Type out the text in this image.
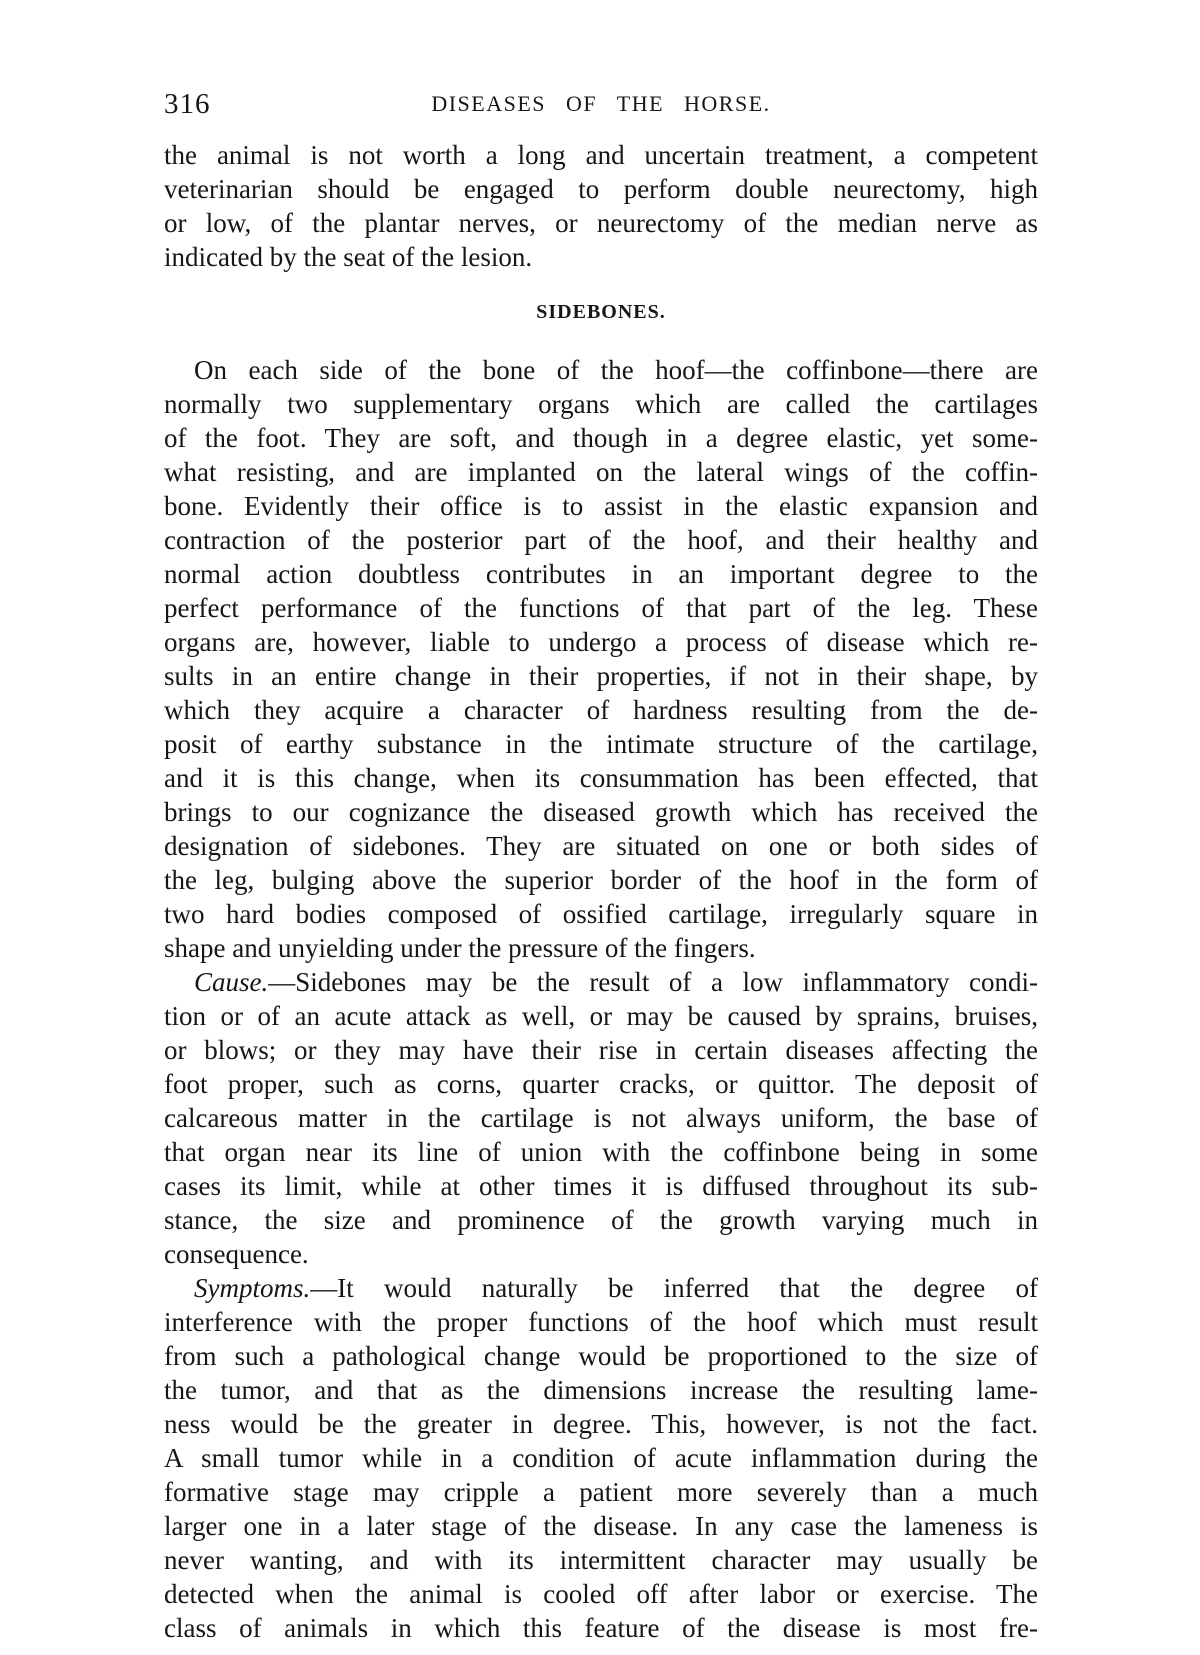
316	DISEASES OF THE HORSE.
the animal is not worth a long and uncertain treatment, a competent
veterinarian should be engaged to perform double neurectomy, high
or low, of the plantar nerves, or neurectomy of the median nerve as
indicated by the seat of the lesion.
SIDEBONES.
On each side of the bone of the hoof—the coffinbone—there are
normally two supplementary organs which are called the cartilages
of the foot. They are soft, and though in a degree elastic, yet some-
what resisting, and are implanted on the lateral wings of the coffin-
bone. Evidently their office is to assist in the elastic expansion and
contraction of the posterior part of the hoof, and their healthy and
normal action doubtless contributes in an important degree to the
perfect performance of the functions of that part of the leg. These
organs are, however, liable to undergo a process of disease which re-
sults in an entire change in their properties, if not in their shape, by
which they acquire a character of hardness resulting from the de-
posit of earthy substance in the intimate structure of the cartilage,
and it is this change, when its consummation has been effected, that
brings to our cognizance the diseased growth which has received the
designation of sidebones. They are situated on one or both sides of
the leg, bulging above the superior border of the hoof in the form of
two hard bodies composed of ossified cartilage, irregularly square in
shape and unyielding under the pressure of the fingers.
Cause.—Sidebones may be the result of a low inflammatory condi-
tion or of an acute attack as well, or may be caused by sprains, bruises,
or blows; or they may have their rise in certain diseases affecting the
foot proper, such as corns, quarter cracks, or quittor. The deposit of
calcareous matter in the cartilage is not always uniform, the base of
that organ near its line of union with the coffinbone being in some
cases its limit, while at other times it is diffused throughout its sub-
stance, the size and prominence of the growth varying much in
consequence.
Symptoms.—It would naturally be inferred that the degree of
interference with the proper functions of the hoof which must result
from such a pathological change would be proportioned to the size of
the tumor, and that as the dimensions increase the resulting lame-
ness would be the greater in degree. This, however, is not the fact.
A small tumor while in a condition of acute inflammation during the
formative stage may cripple a patient more severely than a much
larger one in a later stage of the disease. In any case the lameness is
never wanting, and with its intermittent character may usually be
detected when the animal is cooled off after labor or exercise. The
class of animals in which this feature of the disease is most fre-
